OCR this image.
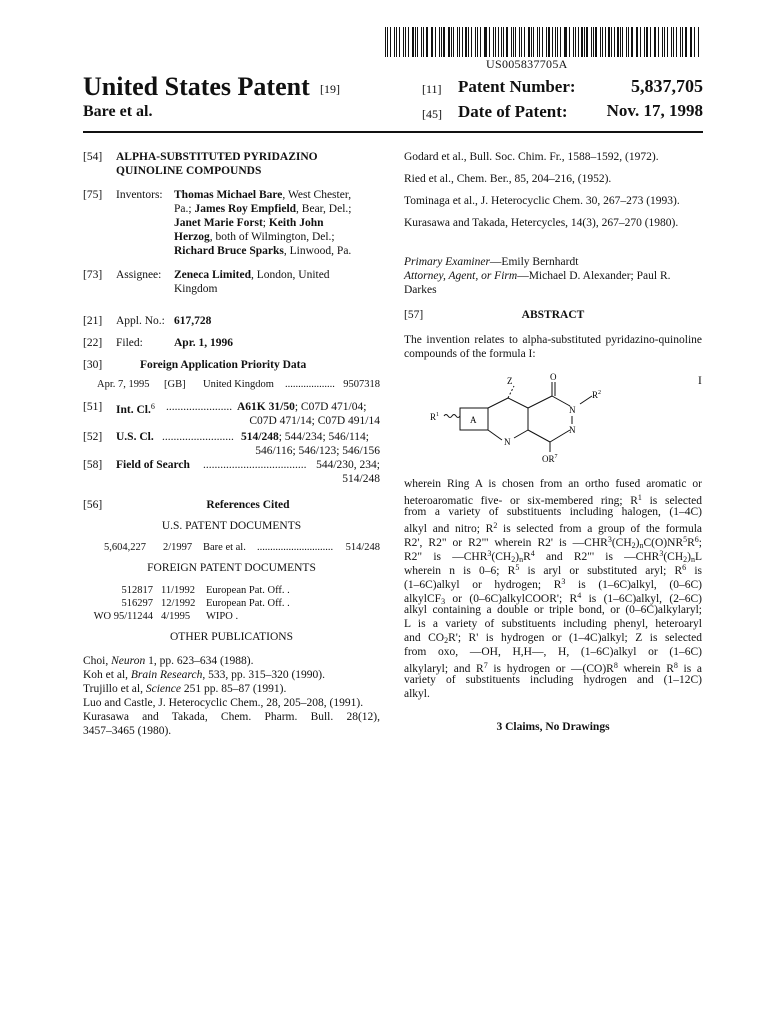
US005837705A
United States Patent [19]
Bare et al.
[11] Patent Number:	5,837,705
[45] Date of Patent:	Nov. 17, 1998
[54] ALPHA-SUBSTITUTED PYRIDAZINO
QUINOLINE COMPOUNDS
[75] Inventors: Thomas Michael Bare, West Chester,
Pa.; James Roy Empfield, Bear, Del.;
Janet Marie Forst; Keith John
Herzog, both of Wilmington, Del.;
Richard Bruce Sparks, Linwood, Pa.
[73] Assignee: Zeneca Limited, London, United
Kingdom
[21] Appl. No.: 617,728
[22] Filed:	Apr. 1, 1996
[30]	Foreign Application Priority Data
Apr. 7, 1995 [GB] United Kingdom ................... 9507318
[51] Int. Cl.$^6$ ....................... A61K 31/50; C07D 471/04;
C07D 471/14; C07D 491/14
[52] U.S. Cl. ......................... 514/248; 544/234; 546/114;
546/116; 546/123; 546/156
[58] Field of Search .................................... 544/230, 234;
514/248
[56]	References Cited
U.S. PATENT DOCUMENTS
5,604,227 2/1997 Bare et al. .............................	514/248
FOREIGN PATENT DOCUMENTS
512817 11/1992 European Pat. Off. .
516297 12/1992 European Pat. Off. .
WO 95/11244 4/1995 WIPO .
OTHER PUBLICATIONS
Choi, Neuron 1, pp. 623–634 (1988).
Koh et al, Brain Research, 533, pp. 315–320 (1990).
Trujillo et al, Science 251 pp. 85–87 (1991).
Luo and Castle, J. Heterocyclic Chem., 28, 205–208, (1991).
Kurasawa and Takada, Chem. Pharm. Bull. 28(12),
3457–3465 (1980).
Godard et al., Bull. Soc. Chim. Fr., 1588–1592, (1972).
Ried et al., Chem. Ber., 85, 204–216, (1952).
Tominaga et al., J. Heterocyclic Chem. 30, 267–273 (1993).
Kurasawa and Takada, Hetercycles, 14(3), 267–270 (1980).
Primary Examiner—Emily Bernhardt
Attorney, Agent, or Firm—Michael D. Alexander; Paul R.
Darkes
[57]	ABSTRACT
The invention relates to alpha-substituted pyridazino-quinoline compounds of the formula I:
Z	O
$R^2$
N
N
N
A
$R^1$
$OR^7$
I
wherein Ring A is chosen from an ortho fused aromatic or
heteroaromatic five- or six-membered ring; $R^1$ is selected
from a variety of substituents including halogen, (1–4C)
alkyl and nitro; $R^2$ is selected from a group of the formula
R2', R2" or R2"' wherein R2' is $—CHR^3(CH_2)_nC(O)NR^5R^6$;
R2" is $—CHR^3(CH_2)_nR^4$ and R2"' is $—CHR^3(CH_2)_nL$
wherein n is 0–6; $R^5$ is aryl or substituted aryl; $R^6$ is
(1–6C)alkyl or hydrogen; $R^3$ is (1–6C)alkyl, (0–6C)
alkylCF$_3$ or (0–6C)alkylCOOR'; $R^4$ is (1–6C)alkyl, (2–6C)
alkyl containing a double or triple bond, or (0–6C)alkylaryl;
L is a variety of substituents including phenyl, heteroaryl
and $CO_2R'$; R' is hydrogen or (1–4C)alkyl; Z is selected
from oxo, —OH, H,H—, H, (1–6C)alkyl or (1–6C)
alkylaryl; and $R^7$ is hydrogen or $—(CO)R^8$ wherein $R^8$ is a
variety of substituents including hydrogen and (1–12C)
alkyl.
3 Claims, No Drawings
